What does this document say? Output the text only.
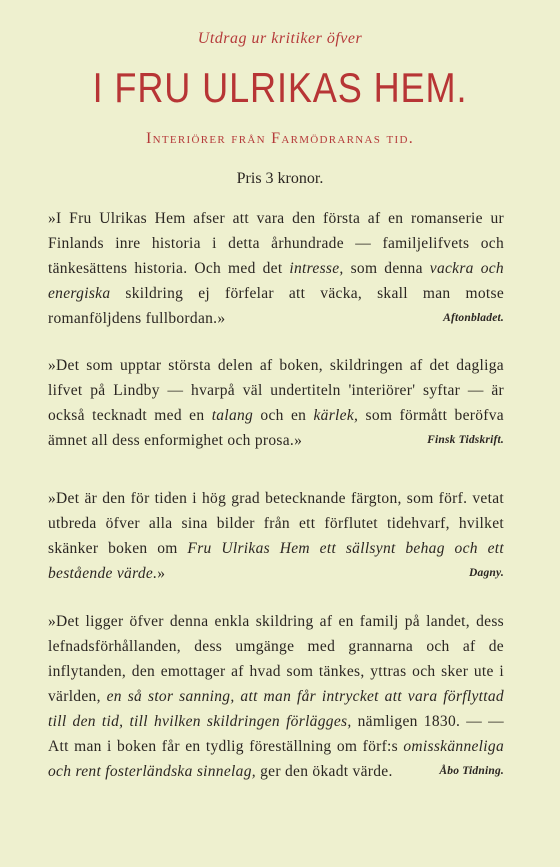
Utdrag ur kritiker öfver
I FRU ULRIKAS HEM.
Interiörer från Farmödrarnas tid.
Pris 3 kronor.
»I Fru Ulrikas Hem afser att vara den första af en romanserie ur Finlands inre historia i detta århundrade — familjelifvets och tänkesättens historia. Och med det intresse, som denna vackra och energiska skildring ej förfelar att väcka, skall man motse romanföljdens fullbordan.»	Aftonbladet.
»Det som upptar största delen af boken, skildringen af det dagliga lifvet på Lindby — hvarpå väl undertiteln 'interiörer' syftar — är också tecknadt med en talang och en kärlek, som förmått beröfva ämnet all dess enformighet och prosa.»	Finsk Tidskrift.
»Det är den för tiden i hög grad betecknande färgton, som förf. vetat utbreda öfver alla sina bilder från ett förflutet tidehvarf, hvilket skänker boken om Fru Ulrikas Hem ett sällsynt behag och ett bestående värde.»	Dagny.
»Det ligger öfver denna enkla skildring af en familj på landet, dess lefnadsförhållanden, dess umgänge med grannarna och af de inflytanden, den emottager af hvad som tänkes, yttras och sker ute i världen, en så stor sanning, att man får intrycket att vara förflyttad till den tid, till hvilken skildringen förlägges, nämligen 1830. — — Att man i boken får en tydlig föreställning om förf:s omisskänneliga och rent fosterländska sinnelag, ger den ökadt värde.	Åbo Tidning.
